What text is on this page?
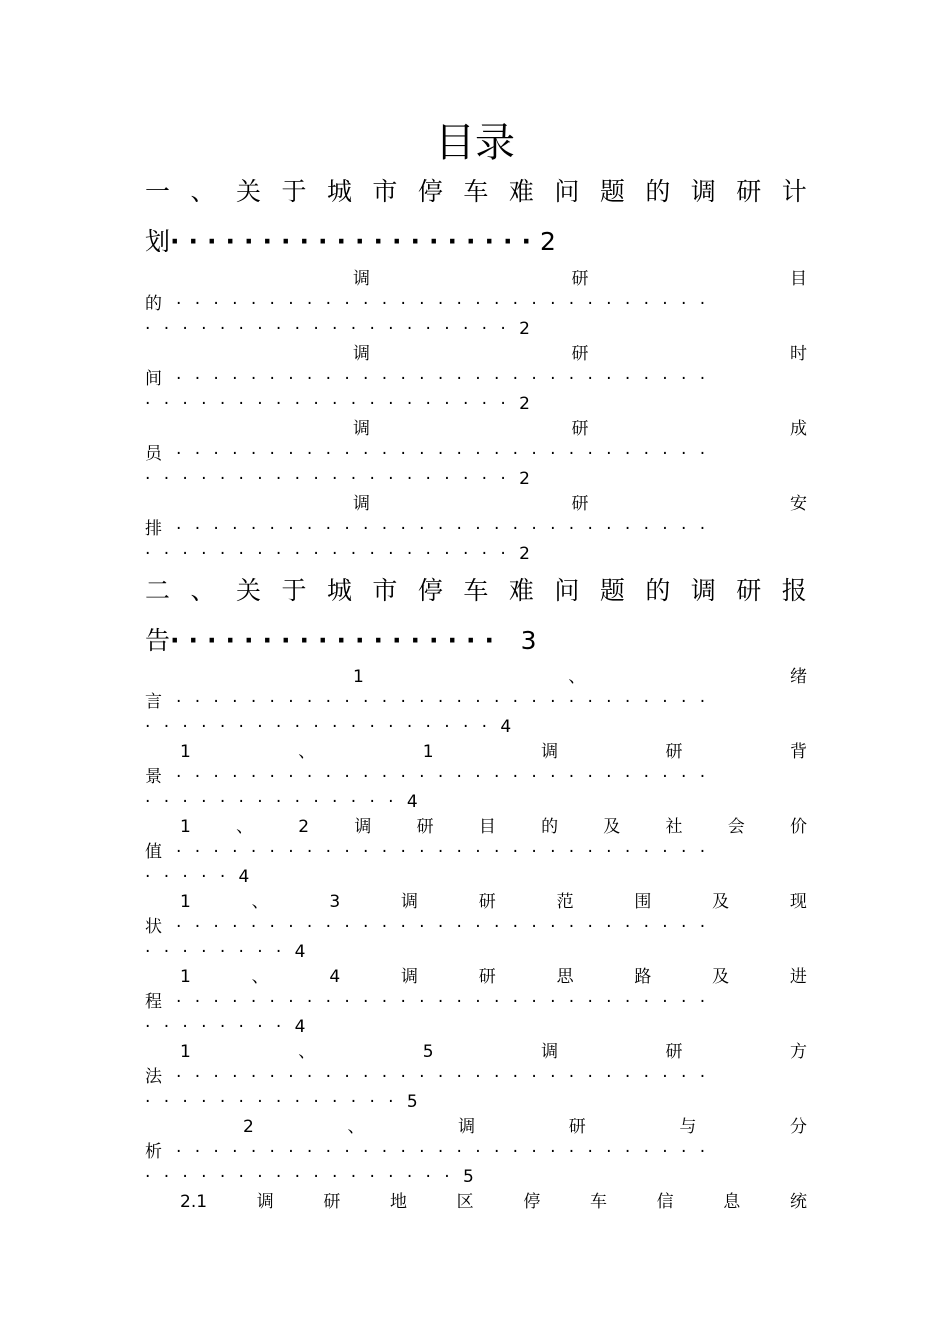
目录
一 、 关 于 城 市 停 车 难 问 题 的 调 研 计
划····················2
调	研	目
的 ·····························
····················2
调	研	时
间 ·····························
····················2
调	研	成
员 ·····························
····················2
调	研	安
排 ·····························
····················2
二 、 关 于 城 市 停 车 难 问 题 的 调 研 报
告·················· 3
1	、	绪
言 ·····························
···················4
1	、	1	调	研	背
景 ·····························
··············4
1	、	2	调	研	目	的	及	社	会	价
值 ·····························
·····4
1	、	3	调	研	范	围	及	现
状 ·····························
········4
1	、	4	调	研	思	路	及	进
程 ·····························
········4
1	、	5	调	研	方
法 ·····························
··············5
2	、	调	研	与	分
析 ·····························
·················5
2.1	调	研	地	区	停	车	信	息	统
